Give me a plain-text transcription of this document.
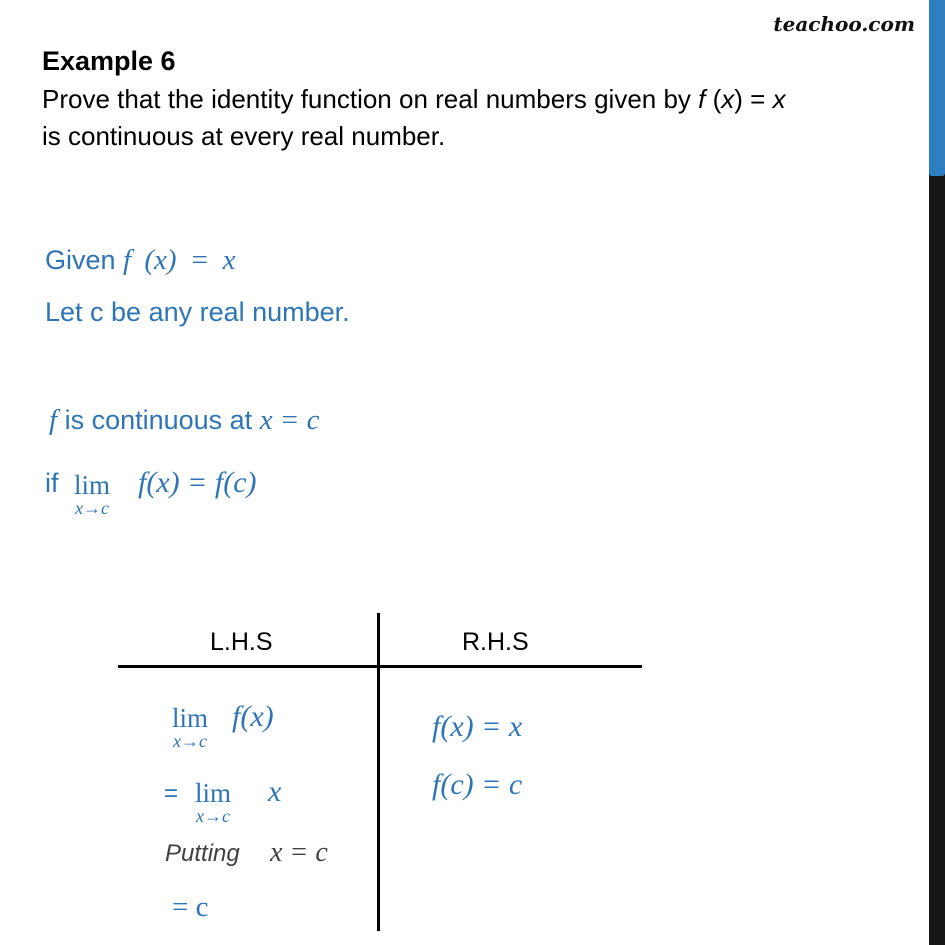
teachoo.com
Example 6
Prove that the identity function on real numbers given by f (x) = x
is continuous at every real number.
Given f (x) = x
Let c be any real number.
f is continuous at x = c
if lim
x→c
f(x) = f(c)
L.H.S	R.H.S
lim
x→c
f(x)
= lim
x→c
x
Putting x = c
= c
f(x) = x
f(c) = c
